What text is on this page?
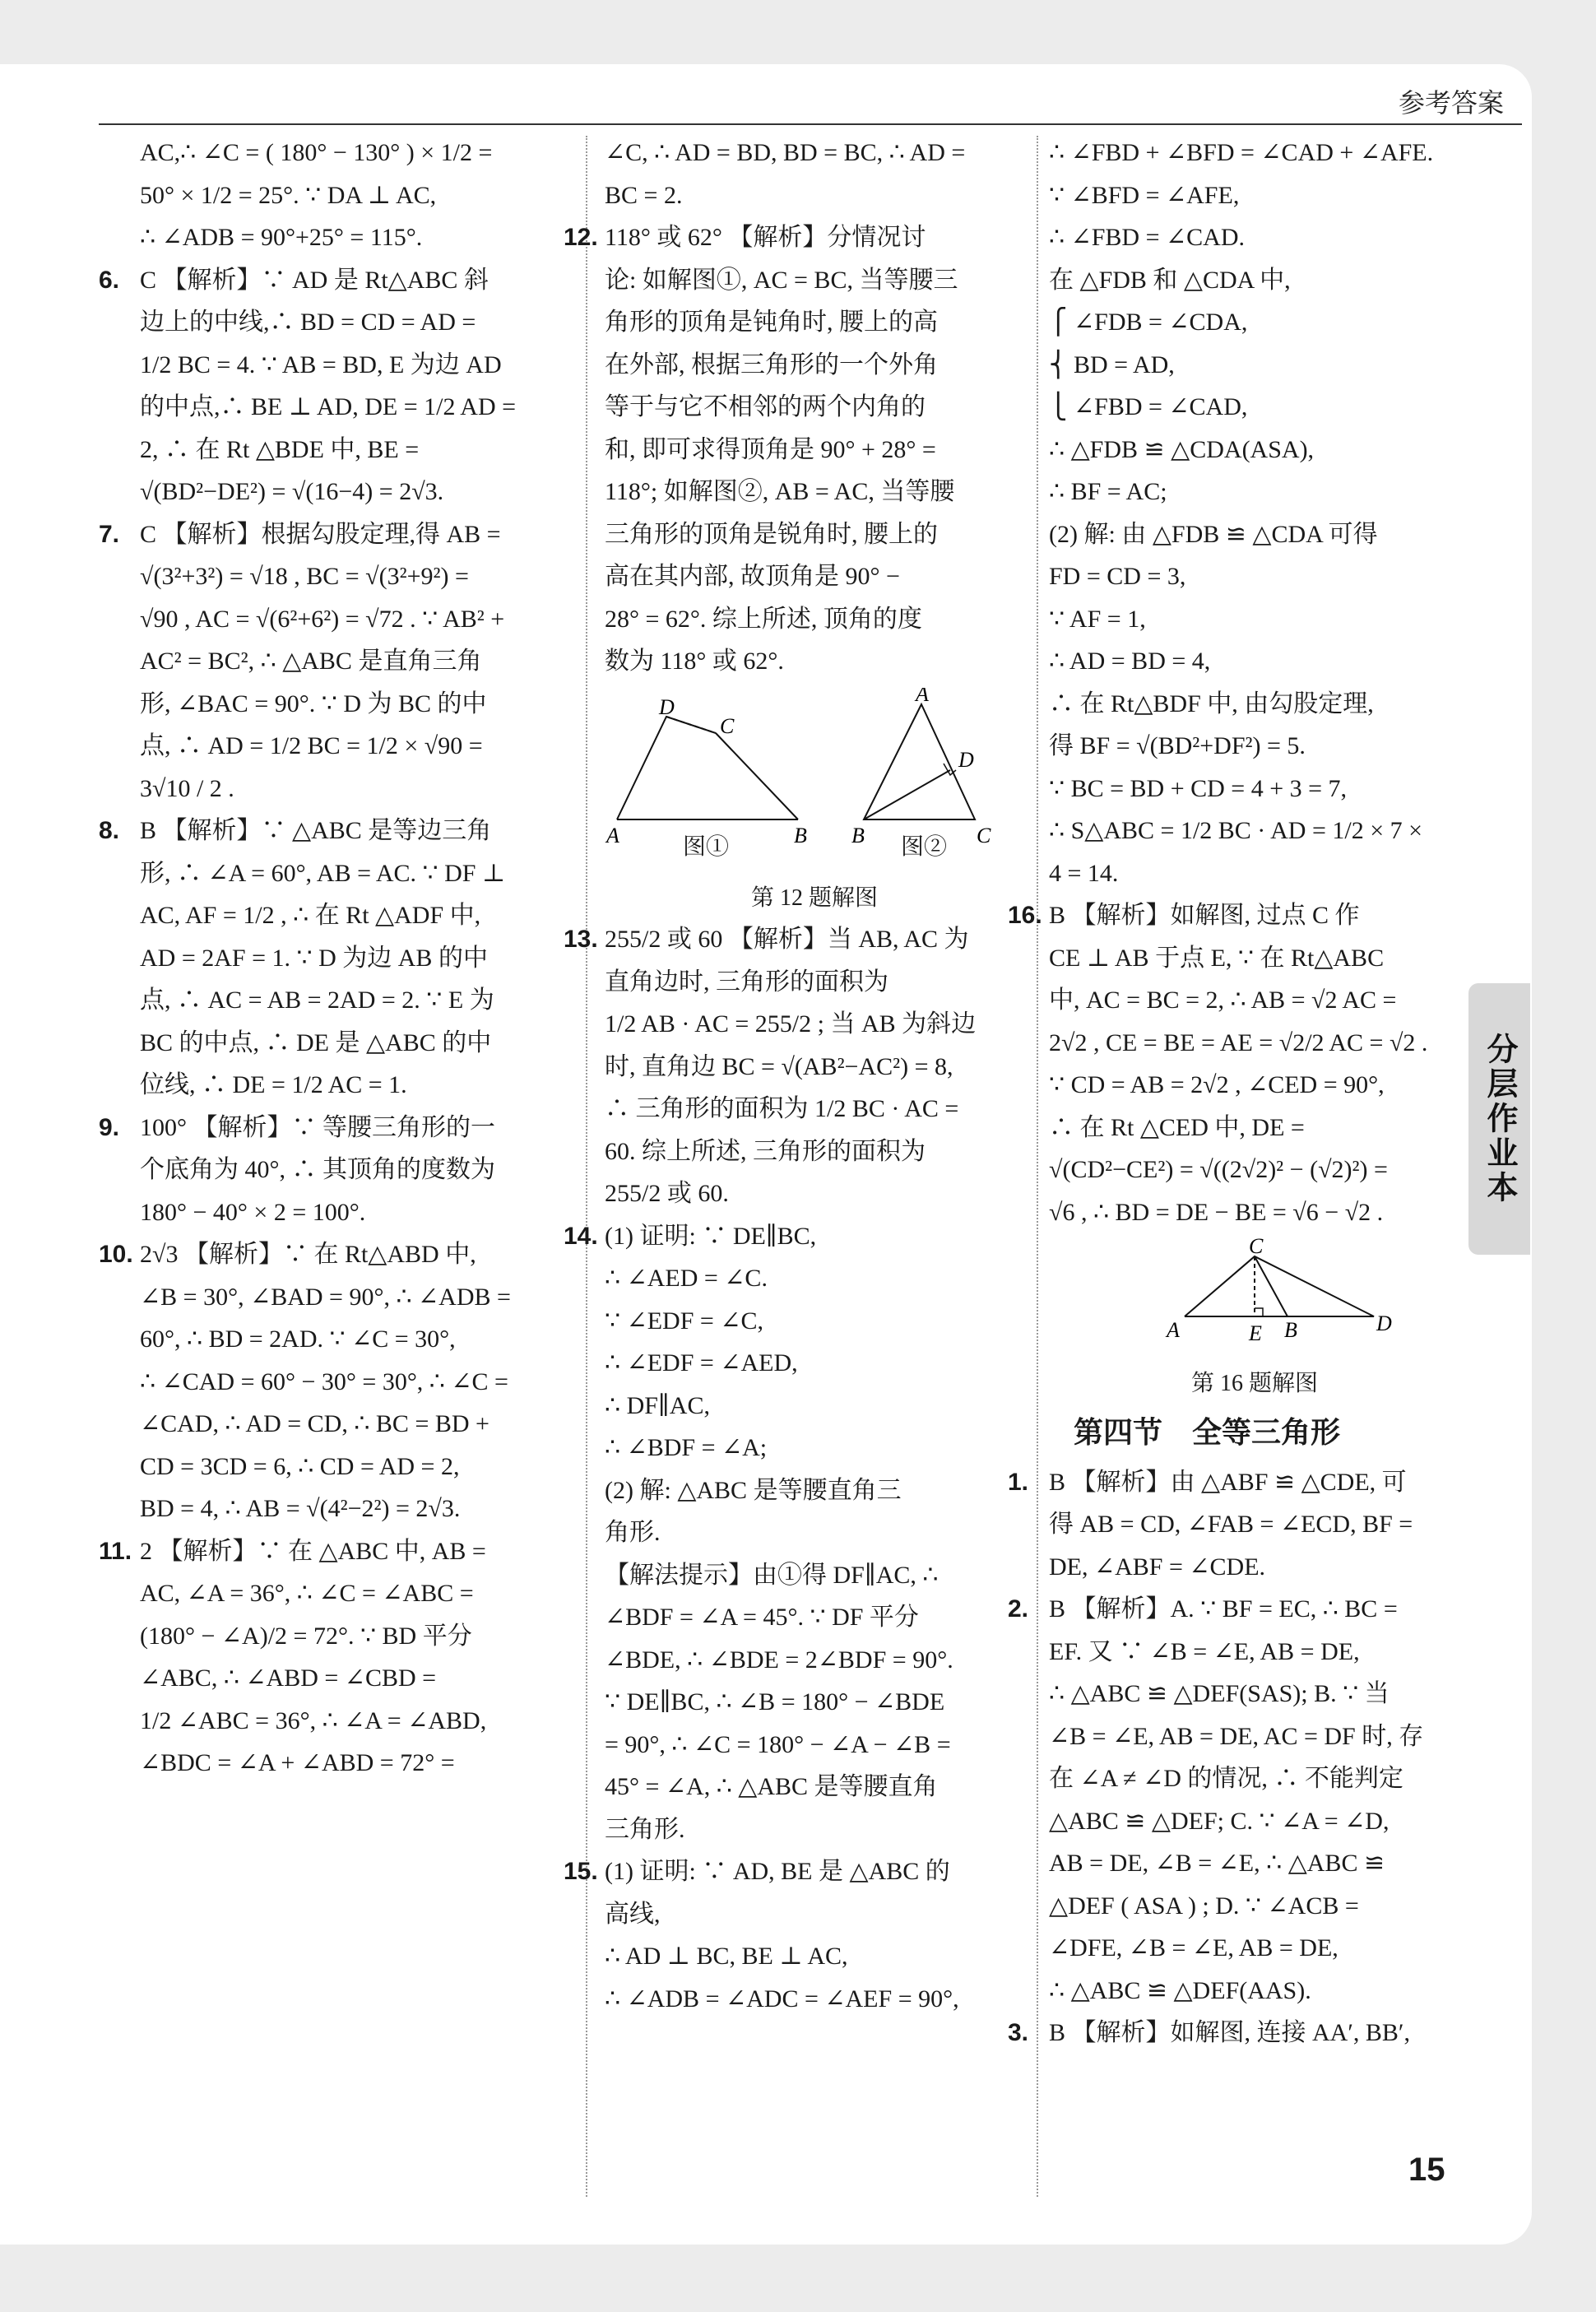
参考答案
AC,∴ ∠C = ( 180° − 130° ) × 1/2 =
50° × 1/2 = 25°. ∵ DA ⊥ AC,
∴ ∠ADB = 90°+25° = 115°.
6. C 【解析】∵ AD 是 Rt△ABC 斜
边上的中线,∴ BD = CD = AD =
1/2 BC = 4. ∵ AB = BD, E 为边 AD
的中点,∴ BE ⊥ AD, DE = 1/2 AD =
2, ∴ 在 Rt △BDE 中, BE =
√(BD²−DE²) = √(16−4) = 2√3.
7. C 【解析】根据勾股定理,得 AB =
√(3²+3²) = √18 , BC = √(3²+9²) =
√90 , AC = √(6²+6²) = √72 . ∵ AB² +
AC² = BC², ∴ △ABC 是直角三角
形, ∠BAC = 90°. ∵ D 为 BC 的中
点, ∴ AD = 1/2 BC = 1/2 × √90 =
3√10 / 2 .
8. B 【解析】∵ △ABC 是等边三角
形, ∴ ∠A = 60°, AB = AC. ∵ DF ⊥
AC, AF = 1/2 , ∴ 在 Rt △ADF 中,
AD = 2AF = 1. ∵ D 为边 AB 的中
点, ∴ AC = AB = 2AD = 2. ∵ E 为
BC 的中点, ∴ DE 是 △ABC 的中
位线, ∴ DE = 1/2 AC = 1.
9. 100° 【解析】∵ 等腰三角形的一
个底角为 40°, ∴ 其顶角的度数为
180° − 40° × 2 = 100°.
10. 2√3 【解析】∵ 在 Rt△ABD 中,
∠B = 30°, ∠BAD = 90°, ∴ ∠ADB =
60°, ∴ BD = 2AD. ∵ ∠C = 30°,
∴ ∠CAD = 60° − 30° = 30°, ∴ ∠C =
∠CAD, ∴ AD = CD, ∴ BC = BD +
CD = 3CD = 6, ∴ CD = AD = 2,
BD = 4, ∴ AB = √(4²−2²) = 2√3.
11. 2 【解析】∵ 在 △ABC 中, AB =
AC, ∠A = 36°, ∴ ∠C = ∠ABC =
(180° − ∠A)/2 = 72°. ∵ BD 平分
∠ABC, ∴ ∠ABD = ∠CBD =
1/2 ∠ABC = 36°, ∴ ∠A = ∠ABD,
∠BDC = ∠A + ∠ABD = 72° =
∠C, ∴ AD = BD, BD = BC, ∴ AD =
BC = 2.
12. 118° 或 62° 【解析】分情况讨
论: 如解图①, AC = BC, 当等腰三
角形的顶角是钝角时, 腰上的高
在外部, 根据三角形的一个外角
等于与它不相邻的两个内角的
和, 即可求得顶角是 90° + 28° =
118°; 如解图②, AB = AC, 当等腰
三角形的顶角是锐角时, 腰上的
高在其内部, 故顶角是 90° −
28° = 62°. 综上所述, 顶角的度
数为 118° 或 62°.
D
C
A	B
A
D
B	C
图①	图②
第 12 题解图
13. 255/2 或 60 【解析】当 AB, AC 为
直角边时, 三角形的面积为
1/2 AB · AC = 255/2 ; 当 AB 为斜边
时, 直角边 BC = √(AB²−AC²) = 8,
∴ 三角形的面积为 1/2 BC · AC =
60. 综上所述, 三角形的面积为
255/2 或 60.
14. (1) 证明: ∵ DE∥BC,
∴ ∠AED = ∠C.
∵ ∠EDF = ∠C,
∴ ∠EDF = ∠AED,
∴ DF∥AC,
∴ ∠BDF = ∠A;
(2) 解: △ABC 是等腰直角三
角形.
【解法提示】由①得 DF∥AC, ∴
∠BDF = ∠A = 45°. ∵ DF 平分
∠BDE, ∴ ∠BDE = 2∠BDF = 90°.
∵ DE∥BC, ∴ ∠B = 180° − ∠BDE
= 90°, ∴ ∠C = 180° − ∠A − ∠B =
45° = ∠A, ∴ △ABC 是等腰直角
三角形.
15. (1) 证明: ∵ AD, BE 是 △ABC 的
高线,
∴ AD ⊥ BC, BE ⊥ AC,
∴ ∠ADB = ∠ADC = ∠AEF = 90°,
∴ ∠FBD + ∠BFD = ∠CAD + ∠AFE.
∵ ∠BFD = ∠AFE,
∴ ∠FBD = ∠CAD.
在 △FDB 和 △CDA 中,
⎧ ∠FDB = ∠CDA,
⎨ BD = AD,
⎩ ∠FBD = ∠CAD,
∴ △FDB ≌ △CDA(ASA),
∴ BF = AC;
(2) 解: 由 △FDB ≌ △CDA 可得
FD = CD = 3,
∵ AF = 1,
∴ AD = BD = 4,
∴ 在 Rt△BDF 中, 由勾股定理,
得 BF = √(BD²+DF²) = 5.
∵ BC = BD + CD = 4 + 3 = 7,
∴ S△ABC = 1/2 BC · AD = 1/2 × 7 ×
4 = 14.
16. B 【解析】如解图, 过点 C 作
CE ⊥ AB 于点 E, ∵ 在 Rt△ABC
中, AC = BC = 2, ∴ AB = √2 AC =
2√2 , CE = BE = AE = √2/2 AC = √2 .
∵ CD = AB = 2√2 , ∠CED = 90°,
∴ 在 Rt △CED 中, DE =
√(CD²−CE²) = √((2√2)² − (√2)²) =
√6 , ∴ BD = DE − BE = √6 − √2 .
C
A	E B	D
第 16 题解图
第四节　全等三角形
1. B 【解析】由 △ABF ≌ △CDE, 可
得 AB = CD, ∠FAB = ∠ECD, BF =
DE, ∠ABF = ∠CDE.
2. B 【解析】A. ∵ BF = EC, ∴ BC =
EF. 又 ∵ ∠B = ∠E, AB = DE,
∴ △ABC ≌ △DEF(SAS); B. ∵ 当
∠B = ∠E, AB = DE, AC = DF 时, 存
在 ∠A ≠ ∠D 的情况, ∴ 不能判定
△ABC ≌ △DEF; C. ∵ ∠A = ∠D,
AB = DE, ∠B = ∠E, ∴ △ABC ≌
△DEF ( ASA ) ; D. ∵ ∠ACB =
∠DFE, ∠B = ∠E, AB = DE,
∴ △ABC ≌ △DEF(AAS).
3. B 【解析】如解图, 连接 AA′, BB′,
分层作业本
15
